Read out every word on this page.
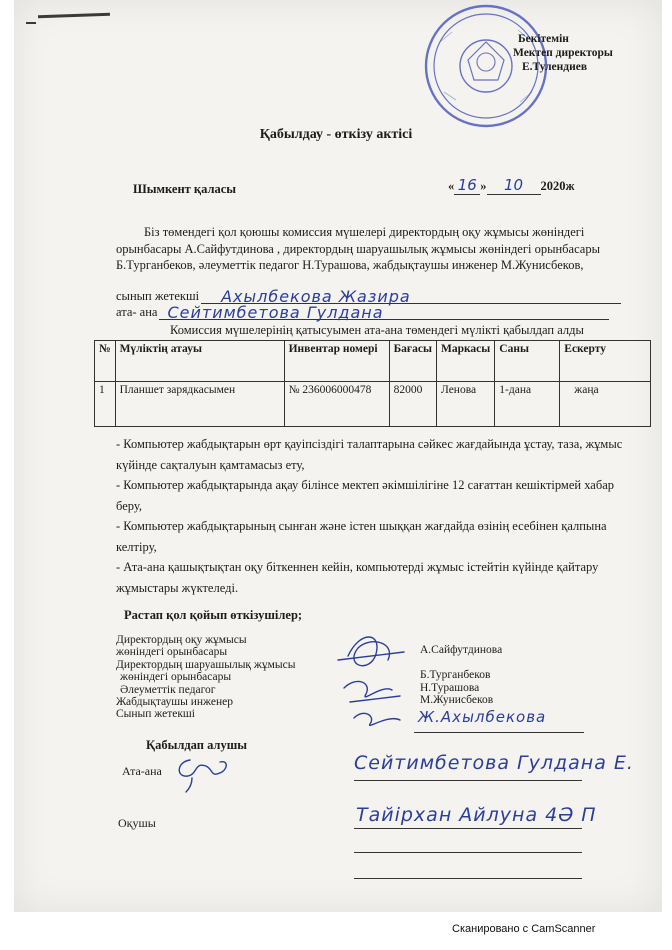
Бекітемін
Мектеп директоры
Е.Тулендиев
Қабылдау - өткізу актісі
Шымкент қаласы	« 16 » 10 2020ж

Біз төмендегі қол қоюшы комиссия мүшелері директордың оқу жұмысы жөніндегі орынбасары А.Сайфутдинова , директордың шаруашылық жұмысы жөніндегі орынбасары Б.Турганбеков, әлеуметтік педагог Н.Турашова, жабдықтаушы инженер М.Жунисбеков,

сынып жетекші Ахылбекова Жазира
ата- ана Сейтимбетова Гулдана
Комиссия мүшелерінің қатысуымен ата-ана төмендегі мүлікті қабылдап алды
№	Мүліктің атауы	Инвентар номері	Бағасы	Маркасы	Саны	Ескерту
1	Планшет зарядкасымен	№ 236006000478	82000	Ленова	1-дана	жаңа

- Компьютер жабдықтарын өрт қауіпсіздігі талаптарына сәйкес жағдайында ұстау, таза, жұмыс күйінде сақталуын қамтамасыз ету,

- Компьютер жабдықтарында ақау білінсе мектеп әкімшілігіне 12 сағаттан кешіктірмей хабар беру,

- Компьютер жабдықтарының сынған және істен шыққан жағдайда өзінің есебінен қалпына келтіру,

- Ата-ана қашықтықтан оқу біткеннен кейін, компьютерді жұмыс істейтін күйінде қайтару жұмыстары жүктеледі.

Растап қол қойып өткізушілер;
Директордың оқу жұмысы
жөніндегі орынбасары
Директордың шаруашылық жұмысы
жөніндегі орынбасары
Әлеуметтік педагог
Жабдықтаушы инженер
Сынып жетекші
А.Сайфутдинова

Б.Турганбеков
Н.Турашова
М.Жунисбеков
Ж.Ахылбекова
Қабылдап алушы
Ата-ана	Сейтимбетова Гулдана Е.
Оқушы	Тайірхан Айлуна 4Ә П
Сканировано с CamScanner
